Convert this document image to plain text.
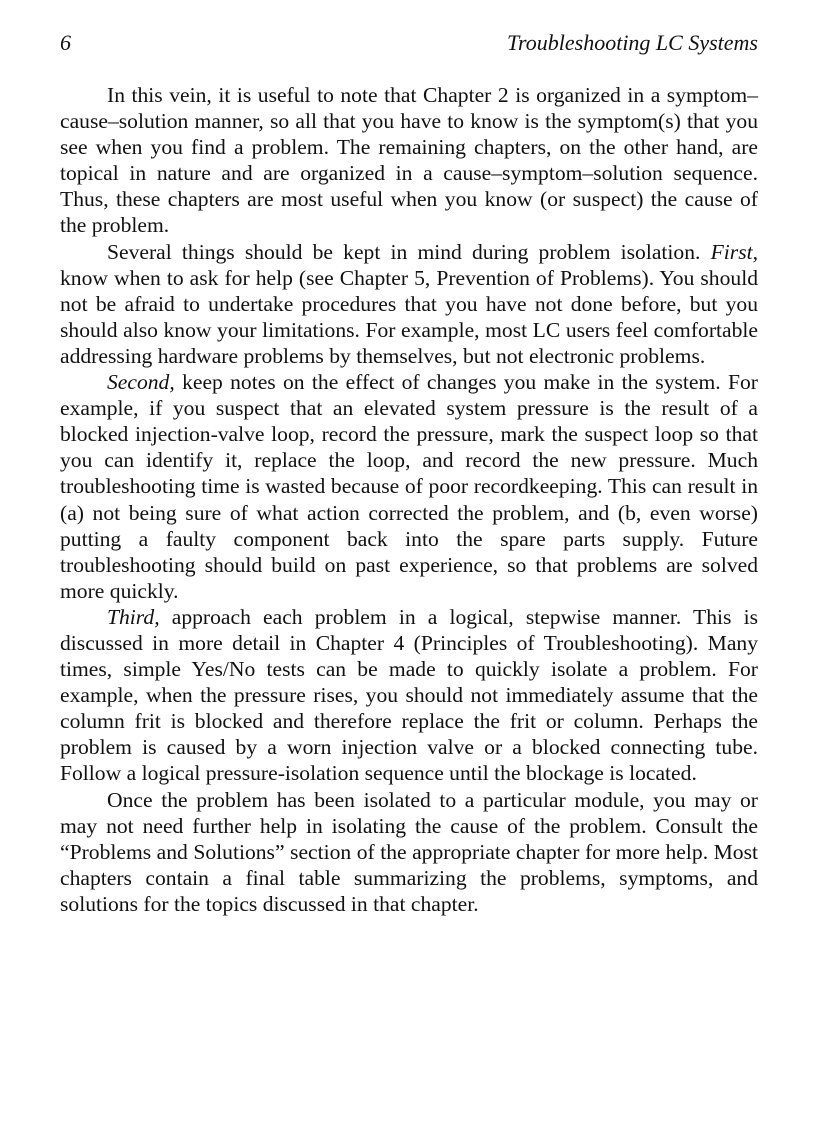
6	Troubleshooting LC Systems

In this vein, it is useful to note that Chapter 2 is organized in a symptom–cause–solution manner, so all that you have to know is the symptom(s) that you see when you find a problem. The remaining chapters, on the other hand, are topical in nature and are organized in a cause–symptom–solution sequence. Thus, these chapters are most useful when you know (or suspect) the cause of the problem.

Several things should be kept in mind during problem isolation. First, know when to ask for help (see Chapter 5, Prevention of Problems). You should not be afraid to undertake procedures that you have not done before, but you should also know your limitations. For example, most LC users feel comfortable addressing hardware problems by themselves, but not electronic problems.

Second, keep notes on the effect of changes you make in the system. For example, if you suspect that an elevated system pressure is the result of a blocked injection-valve loop, record the pressure, mark the suspect loop so that you can identify it, replace the loop, and record the new pressure. Much troubleshooting time is wasted because of poor recordkeeping. This can result in (a) not being sure of what action corrected the problem, and (b, even worse) putting a faulty component back into the spare parts supply. Future troubleshooting should build on past experience, so that problems are solved more quickly.

Third, approach each problem in a logical, stepwise manner. This is discussed in more detail in Chapter 4 (Principles of Troubleshooting). Many times, simple Yes/No tests can be made to quickly isolate a problem. For example, when the pressure rises, you should not immediately assume that the column frit is blocked and therefore replace the frit or column. Perhaps the problem is caused by a worn injection valve or a blocked connecting tube. Follow a logical pressure-isolation sequence until the blockage is located.

Once the problem has been isolated to a particular module, you may or may not need further help in isolating the cause of the problem. Consult the “Problems and Solutions” section of the appropriate chapter for more help. Most chapters contain a final table summarizing the problems, symptoms, and solutions for the topics discussed in that chapter.
